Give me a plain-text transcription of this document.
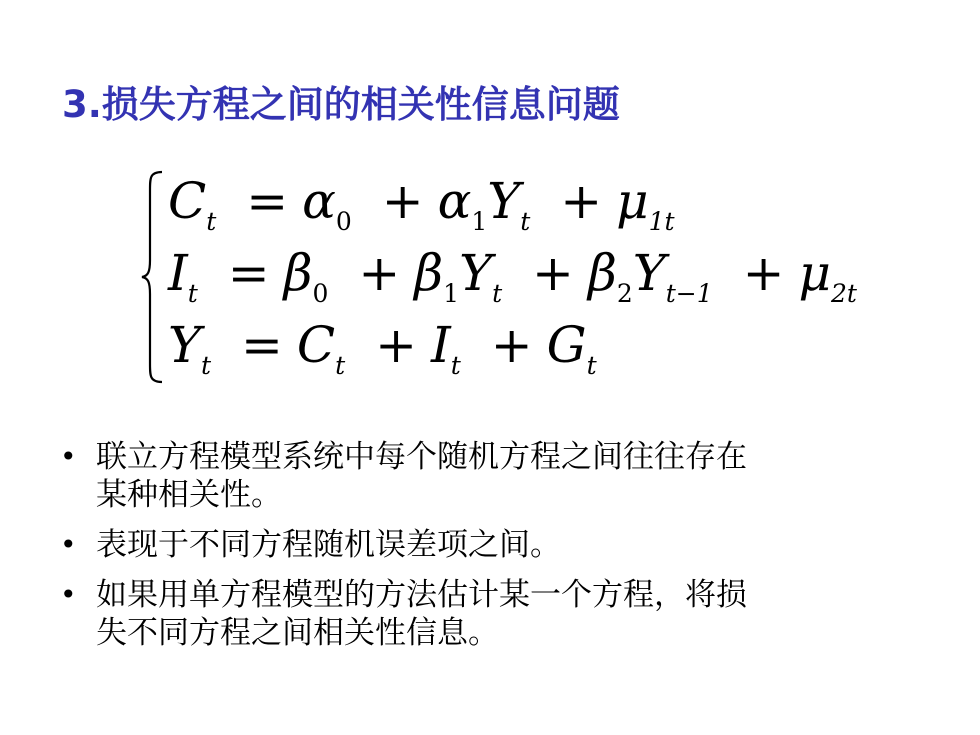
3.损失方程之间的相关性信息问题
$C_t = \alpha_0 + \alpha_1Y_t + \mu_{1t}$
$I_t = \beta_0 + \beta_1Y_t + \beta_2Y_{t-1} + \mu_{2t}$
$Y_t = C_t + I_t + G_t$
• 联立方程模型系统中每个随机方程之间往往存在
某种相关性。
• 表现于不同方程随机误差项之间。
• 如果用单方程模型的方法估计某一个方程，将损
失不同方程之间相关性信息。
